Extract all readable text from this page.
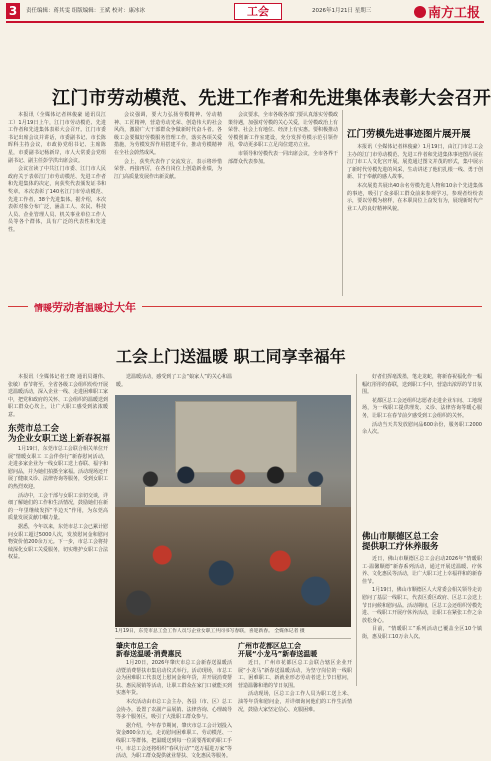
3	责任编辑：蒋其雯 组版编辑：王斌 校对：康冰冰	工会	2026年1月21日 星期三	南方工报
江门市劳动模范、先进工作者和先进集体表彰大会召开

本报讯（全媒体记者林俊豪 通讯员江工）1月19日上午，江门市劳动模范、先进工作者和先进集体表彰大会召开。江门市委书记出席会议并讲话，市委副书记、市长陈晖科主持会议，市政协党组书记、主席陈星，市委副书记杨新岸，市人大常委会党组副书记、副主任彭学洪出席会议。

会议宣读了中共江门市委、江门市人民政府关于表彰江门市劳动模范、先进工作者和先进集体的决定，向获奖代表颁发证书和奖章。本次表彰了140名江门市劳动模范、先进工作者，38个先进集体。据介绍，本次表彰对象分布广泛，涵盖工人、农民、科技人员、企业管理人员、机关事业单位工作人员等各个群体，具有广泛的代表性和先进性。

会议强调，要大力弘扬劳模精神、劳动精神、工匠精神，营造劳动光荣、创造伟大的社会风尚，激励广大干部群众争做新时代奋斗者。各级工会要做好劳模服务管理工作，落实各项关爱措施，为劳模发挥作用搭建平台，推动劳模精神在全社会蔚然成风。

会上，获奖代表作了交流发言，表示将珍惜荣誉、再接再厉，在各自岗位上创造新业绩，为江门高质量发展作出新贡献。

会议要求，全市各级各部门要认真落实劳模政策待遇，加强对劳模的关心关爱，让劳模政治上有荣誉、社会上有地位、经济上有实惠。要积极推动劳模创新工作室建设，充分发挥劳模示范引领作用，带动更多职工立足岗位建功立业。

市领导和劳模代表一同出席会议，全市各界干部群众代表参加。

江门劳模先进事迹图片展开展

本报讯（全媒体记者林俊豪）1月19日，由江门市总工会主办的江门市劳动模范、先进工作者和先进集体事迹图片展在江门市工人文化宫开展。展览通过图文并茂的形式，集中展示了新时代劳模先进的风采，生动讲述了他们扎根一线、勇于创新、甘于奉献的感人故事。

本次展览共展出40余名劳模先进人物和10余个先进集体的事迹，吸引了众多职工群众前来参观学习。参观者纷纷表示，要以劳模为榜样，在本职岗位上奋发有为，展现新时代产业工人的良好精神风貌。

情暖劳动者温暖过大年
工会上门送温暖 职工同享幸福年

本报讯（全媒体记者王晓 通讯员谢伟、张敏）春节将至，全省各级工会组织纷纷开展送温暖活动，深入企业一线、走进困难职工家中，把党和政府的关怀、工会组织的温暖送到职工群众心坎上，让广大职工感受到浓浓暖意。

东莞市总工会
为企业女职工送上新春祝福

1月19日，东莞市总工会联合相关单位开展“情暖女职工 工会伴你行”新春慰问活动，走进多家企业为一线女职工送上春联、福字和慰问品，并为她们拍摄全家福。活动现场还开展了健康义诊、法律咨询等服务，受到女职工的热烈欢迎。

活动中，工会干部与女职工亲切交谈，详细了解她们的工作和生活情况，鼓励她们在新的一年里继续发挥“半边天”作用，为东莞高质量发展贡献巾帼力量。

据悉，今年以来，东莞市总工会已累计慰问女职工超过5000人次，发放慰问金和慰问物资价值200余万元。下一步，市总工会将持续深化女职工关爱服务，切实维护女职工合法权益。

1月19日，东莞市总工会工作人员与企业女职工共同书写春联，喜迎新春。 全媒体记者 摄

送温暖活动，感受到了工会“娘家人”的关心和温暖。

好者们挥毫泼墨，笔走龙蛇，将新春祝福化作一幅幅红彤彤的春联，送到职工手中，营造出浓厚的节日氛围。

花都区总工会还组织志愿者走进企业车间、工地现场，为一线职工提供理发、义诊、法律咨询等暖心服务，让职工在春节前夕感受到工会组织的关怀。

活动当天共发放慰问品600余份，服务职工2000余人次。

佛山市顺德区总工会
提供职工疗休养服务

近日，佛山市顺德区总工会启动2026年“情暖职工·温馨顺德”新春系列活动，通过开展送温暖、疗休养、文化惠民等活动，让广大职工过上幸福祥和的新春佳节。

1月19日，佛山市顺德区人大常委会相关领导走访慰问了基层一线职工，代表区委区政府、区总工会送上节日问候和慰问品。活动期间，区总工会还组织劳模先进、一线职工开展疗休养活动，让职工在紧张工作之余放松身心。

目前，“情暖职工”系列活动已覆盖全区10个镇街，惠及职工10万余人次。

肇庆市总工会
新春送温暖·消费惠民

1月20日，2026年肇庆市总工会新春送温暖活动暨消费帮扶市集启动仪式举行。活动现场，市总工会为困难职工代表送上慰问金和年货，并开展消费帮扶、惠民展销等活动，让职工群众在家门口就能买到实惠年货。

本次活动由市总工会主办，各县（市、区）总工会协办，设置了农副产品展销、法律咨询、心理疏导等多个服务区，吸引了大批职工群众参与。

据介绍，今年春节期间，肇庆市总工会计划投入资金800余万元，走访慰问困难职工、劳动模范、一线职工等群体，把温暖送到每一位需要帮助的职工手中。市总工会还将组织“春风行动”“送万福进万家”等活动，为职工群众提供就业帮扶、文化惠民等服务。

广州市花都区总工会
开展“小龙马”新春送温暖

近日，广州市花都区总工会联合辖区企业开展“小龙马”新春送温暖活动，为坚守岗位的一线职工、困难职工、新就业形态劳动者送上节日慰问，营造温馨和谐的节日氛围。

活动现场，区总工会工作人员为职工送上米、油等年货和慰问金，并详细询问他们的工作生活情况，鼓励大家坚定信心、克服困难。
